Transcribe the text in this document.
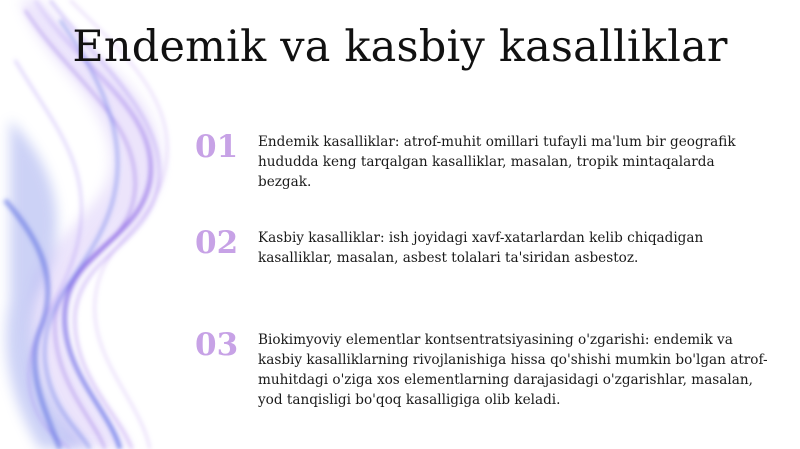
Endemik va kasbiy kasalliklar
01	Endemik kasalliklar: atrof-muhit omillari tufayli ma'lum bir geografik hududda keng tarqalgan kasalliklar, masalan, tropik mintaqalarda bezgak.
02	Kasbiy kasalliklar: ish joyidagi xavf-xatarlardan kelib chiqadigan kasalliklar, masalan, asbest tolalari ta'siridan asbestoz.
03	Biokimyoviy elementlar kontsentratsiyasining o'zgarishi: endemik va kasbiy kasalliklarning rivojlanishiga hissa qo'shishi mumkin bo'lgan atrof-muhitdagi o'ziga xos elementlarning darajasidagi o'zgarishlar, masalan, yod tanqisligi bo'qoq kasalligiga olib keladi.
